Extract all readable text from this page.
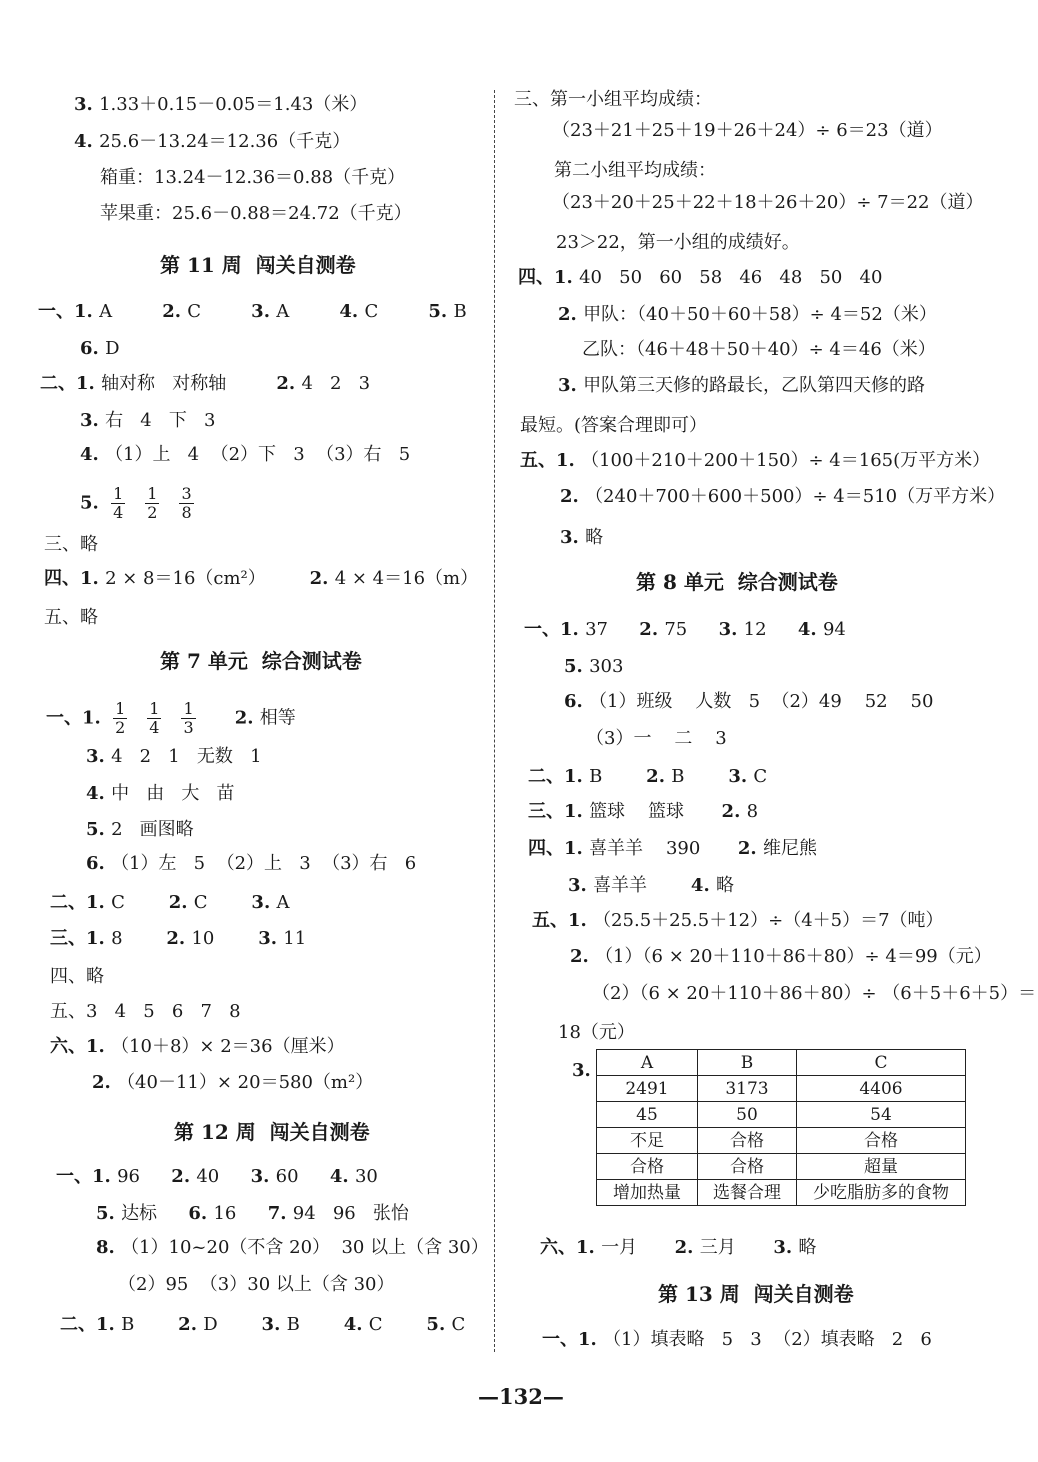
3. 1.33＋0.15－0.05＝1.43（米）
4. 25.6－13.24＝12.36（千克）
箱重：13.24－12.36＝0.88（千克）
苹果重：25.6－0.88＝24.72（千克）
第 11 周  闯关自测卷
一、1. A        2. C        3. A        4. C        5. B
6. D
二、1. 轴对称   对称轴        2. 4   2   3
3. 右   4   下   3
4. （1）上   4  （2）下   3  （3）右   5
5. $\frac{1}{4} \frac{1}{2} \frac{3}{8}$
三、略
四、1. 2 × 8＝16（cm²）       2. 4 × 4＝16（m）
五、略
第 7 单元  综合测试卷
一、1. $\frac{1}{2} \frac{1}{4} \frac{1}{3} 2$. 相等
3. 4   2   1   无数   1
4. 中   由   大   苗
5. 2   画图略
6. （1）左   5  （2）上   3  （3）右   6
二、1. C       2. C       3. A
三、1. 8       2. 10       3. 11
四、略
五、3   4   5   6   7   8
六、1. （10＋8）× 2＝36（厘米）
2. （40－11）× 20＝580（m²）
第 12 周  闯关自测卷
一、1. 96     2. 40     3. 60     4. 30
5. 达标     6. 16     7. 94   96   张怡
8. （1）10~20（不含 20）  30 以上（含 30）
（2）95  （3）30 以上（含 30）
二、1. B       2. D       3. B       4. C       5. C
三、第一小组平均成绩：
（23＋21＋25＋19＋26＋24）÷ 6＝23（道）
第二小组平均成绩：
（23＋20＋25＋22＋18＋26＋20）÷ 7＝22（道）
23＞22，第一小组的成绩好。
四、1. 40   50   60   58   46   48   50   40
2. 甲队：（40＋50＋60＋58）÷ 4＝52（米）
乙队：（46＋48＋50＋40）÷ 4＝46（米）
3. 甲队第三天修的路最长，乙队第四天修的路
最短。(答案合理即可）
五、1. （100＋210＋200＋150）÷ 4＝165(万平方米）
2. （240＋700＋600＋500）÷ 4＝510（万平方米）
3. 略
第 8 单元  综合测试卷
一、1. 37     2. 75     3. 12     4. 94
5. 303
6. （1）班级    人数   5  （2）49    52    50
（3）一    二    3
二、1. B       2. B       3. C
三、1. 篮球    篮球      2. 8
四、1. 喜羊羊    390      2. 维尼熊
3. 喜羊羊       4. 略
五、1. （25.5＋25.5＋12）÷（4＋5）＝7（吨）
2. （1）（6 × 20＋110＋86＋80）÷ 4＝99（元）
（2）（6 × 20＋110＋86＋80）÷ （6＋5＋6＋5）＝
18（元）
3.	A	B	C
2491	3173	4406
45	50	54
不足	合格	合格
合格	合格	超量
增加热量	选餐合理	少吃脂肪多的食物
六、1. 一月      2. 三月      3. 略
第 13 周  闯关自测卷
一、1. （1）填表略   5   3  （2）填表略   2   6
—132—
